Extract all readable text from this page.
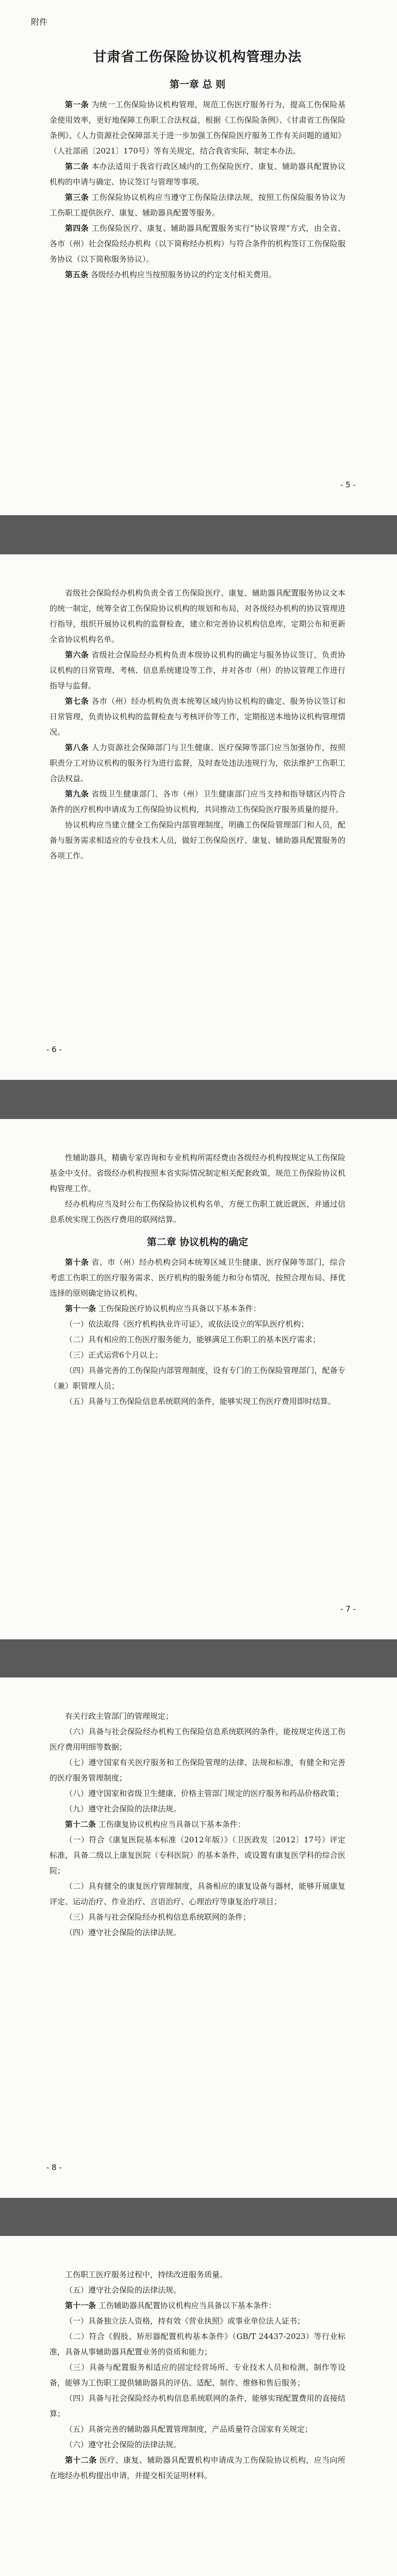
附件
甘肃省工伤保险协议机构管理办法
第一章 总 则

第一条 为统一工伤保险协议机构管理，规范工伤医疗服务行为，提高工伤保险基金使用效率，更好地保障工伤职工合法权益，根据《工伤保险条例》、《甘肃省工伤保险条例》、《人力资源社会保障部关于进一步加强工伤保险医疗服务工作有关问题的通知》（人社部函〔2021〕170号）等有关规定，结合我省实际，制定本办法。

第二条 本办法适用于我省行政区域内的工伤保险医疗、康复、辅助器具配置协议机构的申请与确定、协议签订与管理等事项。

第三条 工伤保险协议机构应当遵守工伤保险法律法规，按照工伤保险服务协议为工伤职工提供医疗、康复、辅助器具配置等服务。

第四条 工伤保险医疗、康复、辅助器具配置服务实行“协议管理”方式，由全省、各市（州）社会保险经办机构（以下简称经办机构）与符合条件的机构签订工伤保险服务协议（以下简称服务协议）。

第五条 各级经办机构应当按照服务协议的约定支付相关费用。

- 5 -

省级社会保险经办机构负责全省工伤保险医疗、康复、辅助器具配置服务协议文本的统一制定，统筹全省工伤保险协议机构的规划和布局，对各级经办机构的协议管理进行指导，组织开展协议机构的监督检查，建立和完善协议机构信息库，定期公布和更新全省协议机构名单。

第六条 省级社会保险经办机构负责本级协议机构的确定与服务协议签订，负责协议机构的日常管理、考核、信息系统建设等工作，并对各市（州）的协议管理工作进行指导与监督。

第七条 各市（州）经办机构负责本统筹区域内协议机构的确定、服务协议签订和日常管理，负责协议机构的监督检查与考核评价等工作，定期报送本地协议机构管理情况。

第八条 人力资源社会保障部门与卫生健康、医疗保障等部门应当加强协作，按照职责分工对协议机构的服务行为进行监督，及时查处违法违规行为，依法维护工伤职工合法权益。

第九条 省级卫生健康部门、各市（州）卫生健康部门应当支持和指导辖区内符合条件的医疗机构申请成为工伤保险协议机构，共同推动工伤保险医疗服务质量的提升。

协议机构应当建立健全工伤保险内部管理制度，明确工伤保险管理部门和人员，配备与服务需求相适应的专业技术人员，做好工伤保险医疗、康复、辅助器具配置服务的各项工作。

- 6 -

性辅助器具，精确专家咨询和专业机构所需经费由各级经办机构按规定从工伤保险基金中支付。省级经办机构按照本省实际情况制定相关配套政策，规范工伤保险协议机构管理工作。

经办机构应当及时公布工伤保险协议机构名单，方便工伤职工就近就医，并通过信息系统实现工伤医疗费用的联网结算。

第二章 协议机构的确定

第十条 省、市（州）经办机构会同本统筹区域卫生健康、医疗保障等部门，综合考虑工伤职工的医疗服务需求、医疗机构的服务能力和分布情况，按照合理布局、择优选择的原则确定协议机构。

第十一条 工伤保险医疗协议机构应当具备以下基本条件：

（一）依法取得《医疗机构执业许可证》，或依法设立的军队医疗机构；

（二）具有相应的工伤医疗服务能力，能够满足工伤职工的基本医疗需求；

（三）正式运营6个月以上；

（四）具备完善的工伤保险内部管理制度，设有专门的工伤保险管理部门，配备专（兼）职管理人员；

（五）具备与工伤保险信息系统联网的条件，能够实现工伤医疗费用即时结算。

- 7 -

有关行政主管部门的管理规定；

（六）具备与社会保险经办机构工伤保险信息系统联网的条件，能按规定传送工伤医疗费用明细等数据；

（七）遵守国家有关医疗服务和工伤保险管理的法律、法规和标准，有健全和完善的医疗服务管理制度；

（八）遵守国家和省级卫生健康、价格主管部门规定的医疗服务和药品价格政策；

（九）遵守社会保险的法律法规。

第十二条 工伤康复协议机构应当具备以下基本条件：

（一）符合《康复医院基本标准（2012年版）》（卫医政发〔2012〕17号）评定标准，具备二级以上康复医院（专科医院）的基本条件，或设置有康复医学科的综合医院；

（二）具有健全的康复医疗管理制度，具备相应的康复设备与器材，能够开展康复评定、运动治疗、作业治疗、言语治疗、心理治疗等康复治疗项目；

（三）具备与社会保险经办机构信息系统联网的条件；

（四）遵守社会保险的法律法规。

- 8 -

工伤职工医疗服务过程中，持续改进服务质量。

（五）遵守社会保险的法律法规。

第十一条 工伤辅助器具配置协议机构应当具备以下基本条件：

（一）具备独立法人资格，持有效《营业执照》或事业单位法人证书；

（二）符合《假肢、矫形器配置机构基本条件》（GB/T 24437-2023）等行业标准，具备从事辅助器具配置业务的资质和能力；

（三）具备与配置服务相适应的固定经营场所、专业技术人员和检测、制作等设备，能够为工伤职工提供辅助器具的评估、适配、制作、维修和售后服务；

（四）具备与社会保险经办机构信息系统联网的条件，能够实现配置费用的直接结算；

（五）具备完善的辅助器具配置管理制度，产品质量符合国家有关规定；

（六）遵守社会保险的法律法规。

第十二条 医疗、康复、辅助器具配置机构申请成为工伤保险协议机构，应当向所在地经办机构提出申请，并提交相关证明材料。
